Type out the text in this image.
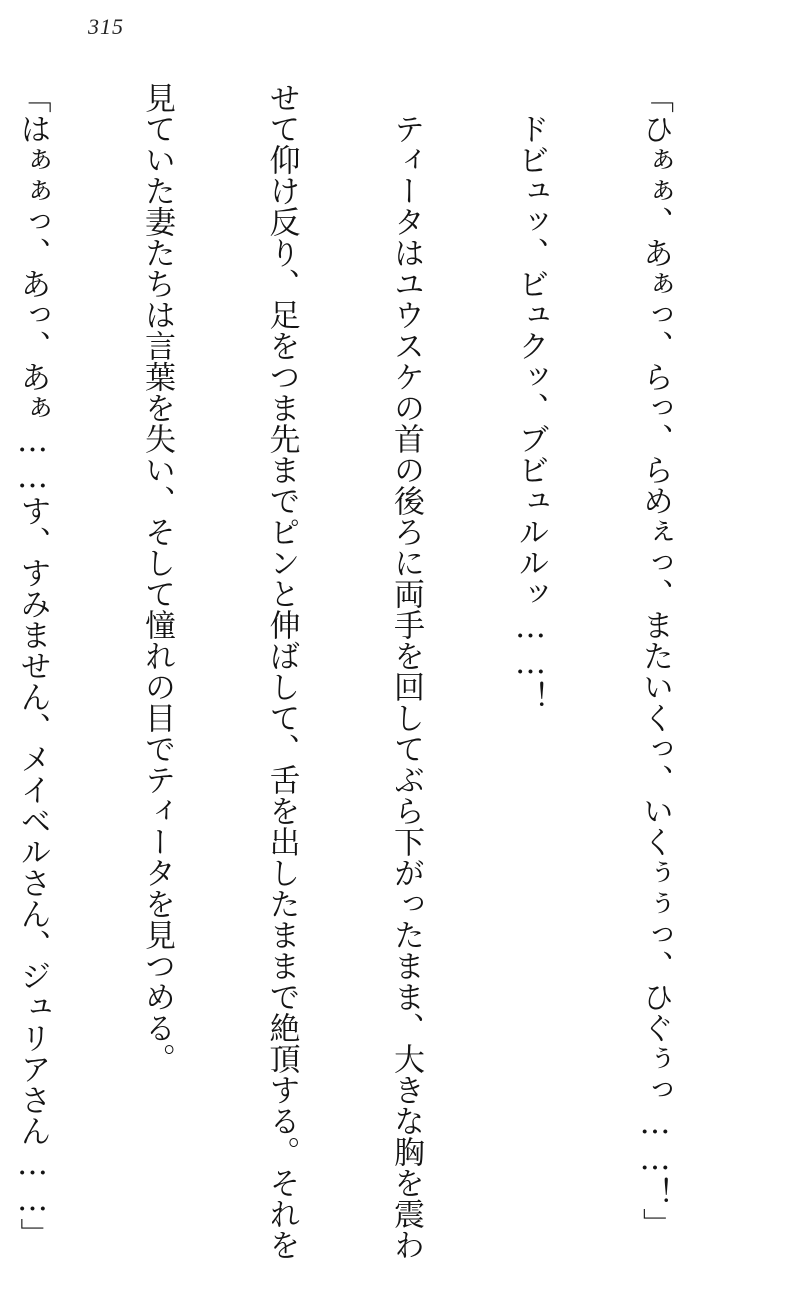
315

「ひぁぁ、あぁっ、らっ、らめぇっ、またいくっ、いくぅぅっ、ひぐぅっ……！」

　ドビュッ、ビュクッ、ブビュルルッ……！

　ティータはユウスケの首の後ろに両手を回してぶら下がったまま、大きな胸を震わ

せて仰け反り、足をつま先までピンと伸ばして、舌を出したままで絶頂する。それを

見ていた妻たちは言葉を失い、そして憧れの目でティータを見つめる。

「はぁぁっ、あっ、あぁ……す、すみません、メイベルさん、ジュリアさん……」
